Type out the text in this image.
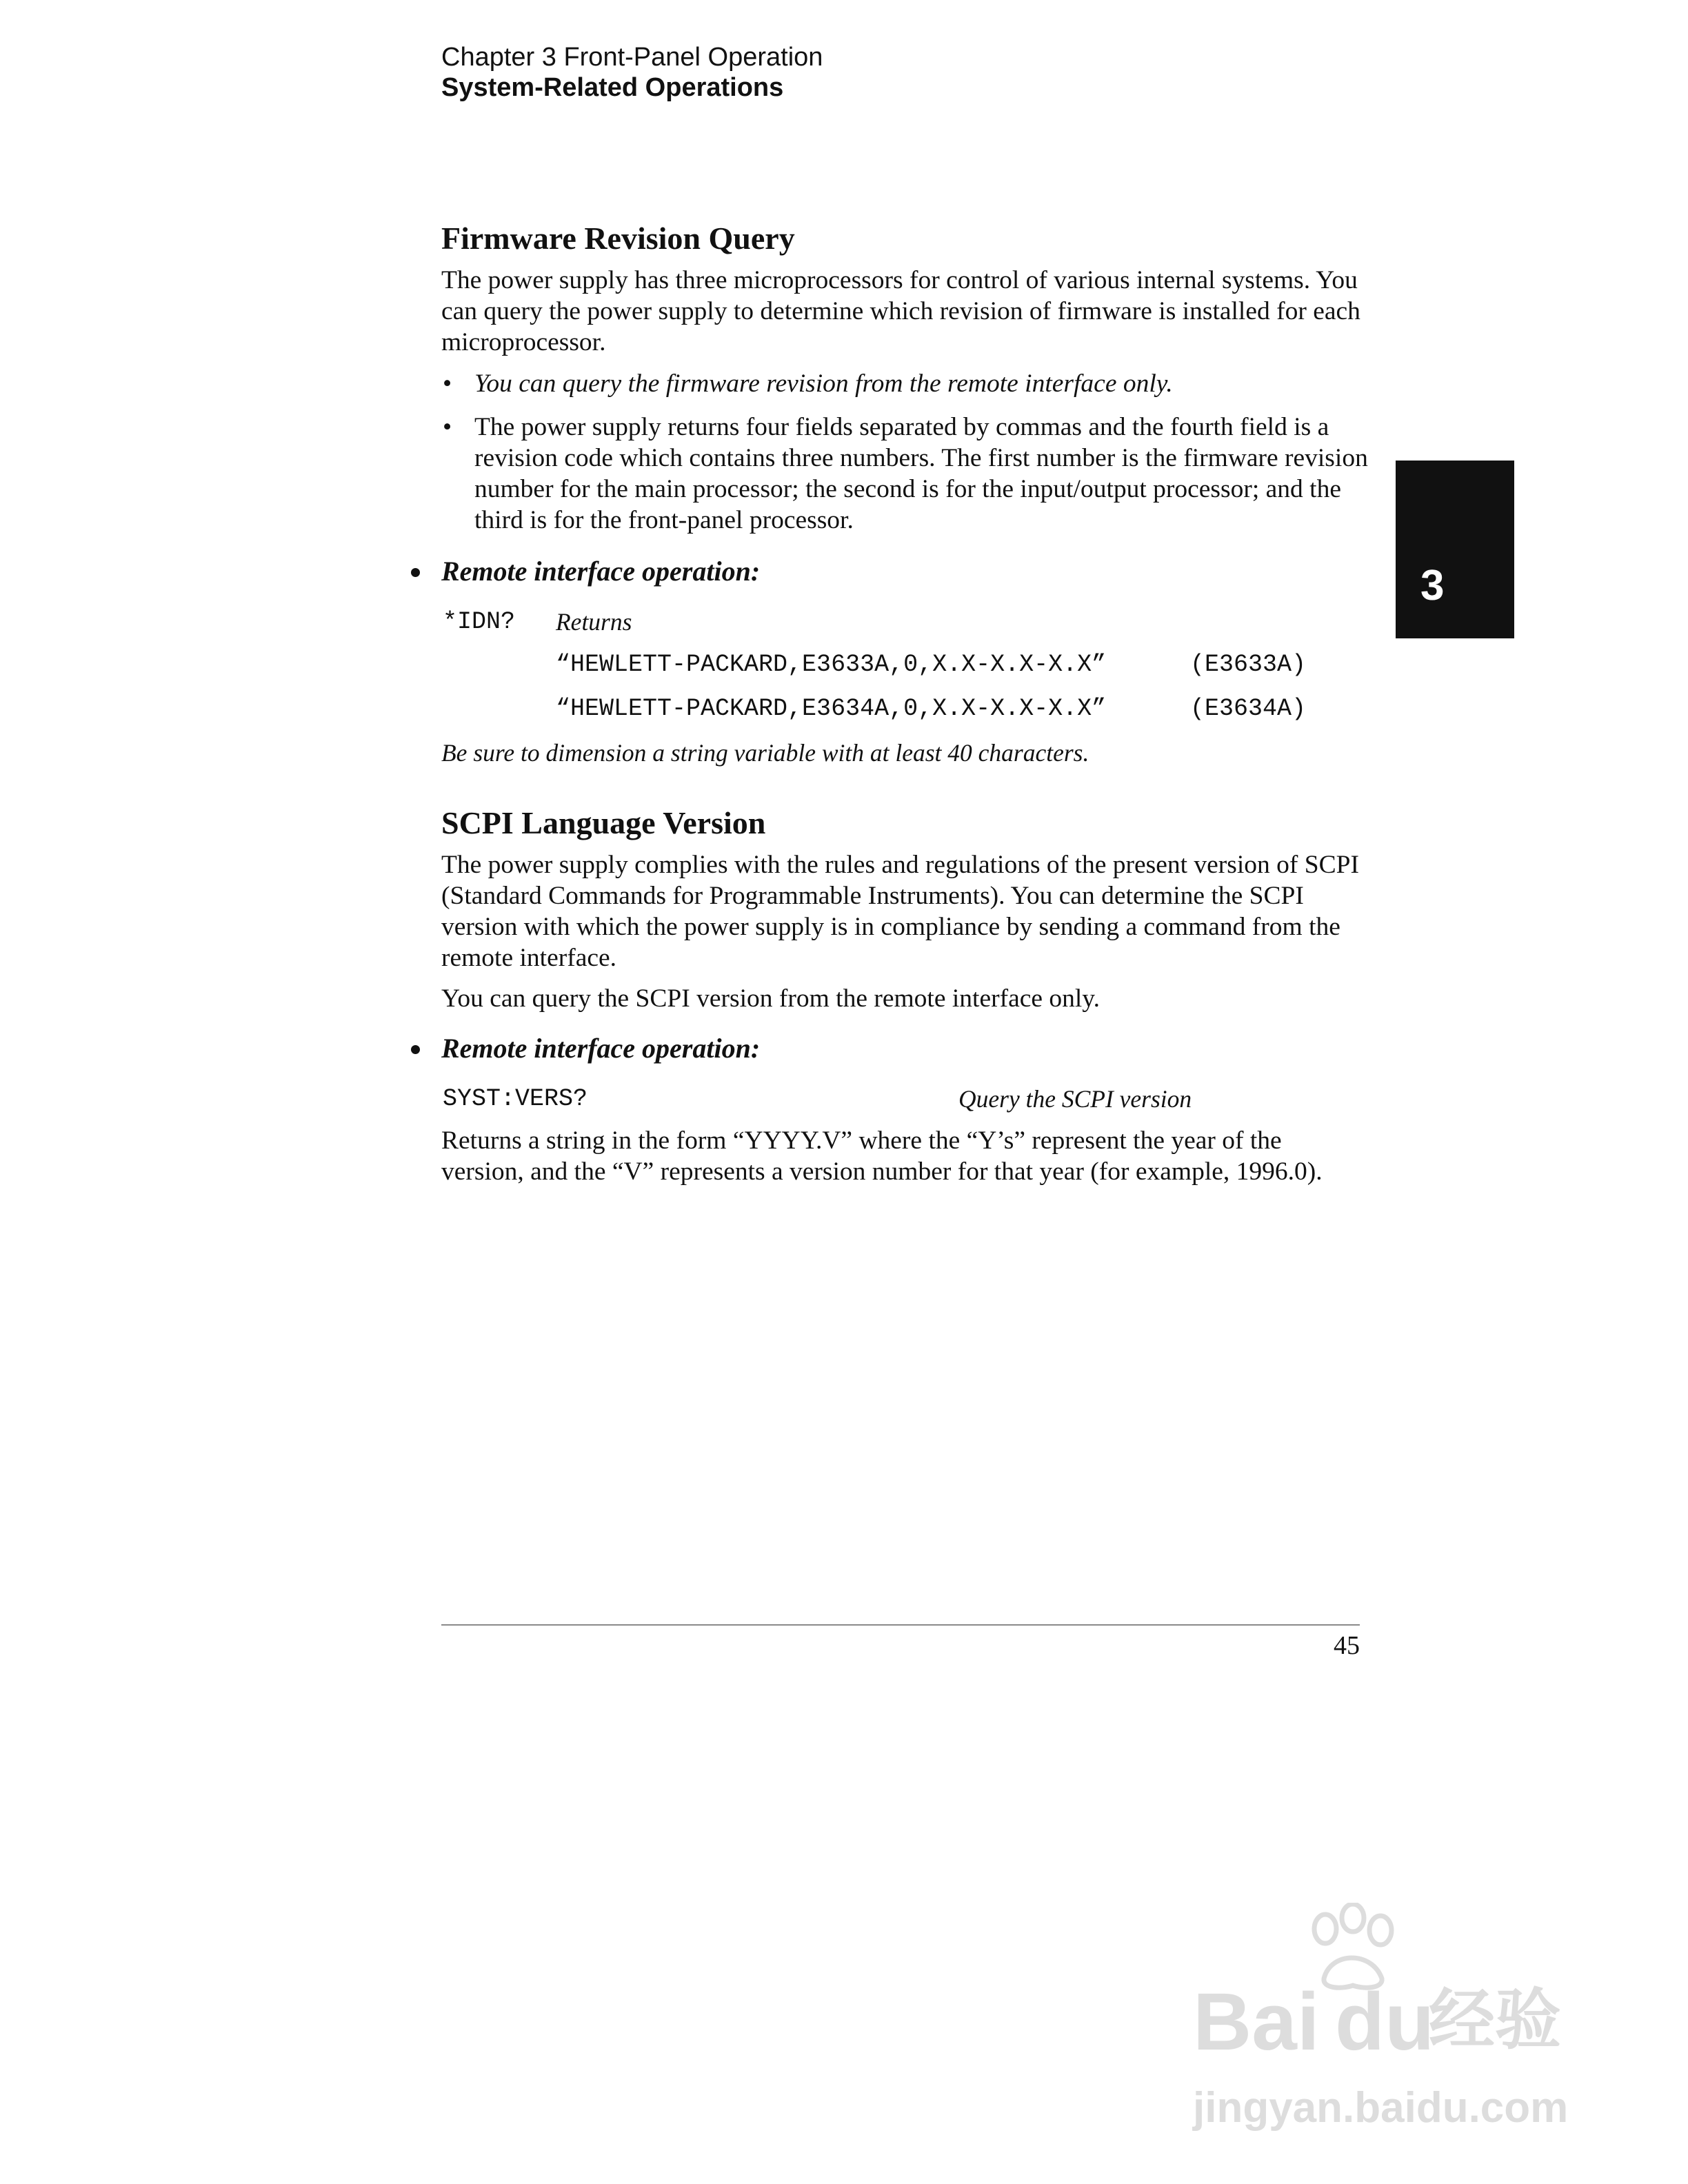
Chapter 3 Front-Panel Operation
System-Related Operations
3
Firmware Revision Query
The power supply has three microprocessors for control of various internal systems. You can query the power supply to determine which revision of firmware is installed for each microprocessor.
• You can query the firmware revision from the remote interface only.
• The power supply returns four fields separated by commas and the fourth field is a revision code which contains three numbers. The first number is the firmware revision number for the main processor; the second is for the input/output processor; and the third is for the front-panel processor.
Remote interface operation:
*IDN? Returns
“HEWLETT-PACKARD,E3633A,0,X.X-X.X-X.X”	(E3633A)
“HEWLETT-PACKARD,E3634A,0,X.X-X.X-X.X”	(E3634A)
Be sure to dimension a string variable with at least 40 characters.
SCPI Language Version
The power supply complies with the rules and regulations of the present version of SCPI (Standard Commands for Programmable Instruments). You can determine the SCPI version with which the power supply is in compliance by sending a command from the remote interface.
You can query the SCPI version from the remote interface only.
Remote interface operation:
SYST:VERS?	Query the SCPI version
Returns a string in the form “YYYY.V” where the “Y’s” represent the year of the version, and the “V” represents a version number for that year (for example, 1996.0).
45
Bai du
经验
jingyan.baidu.com
